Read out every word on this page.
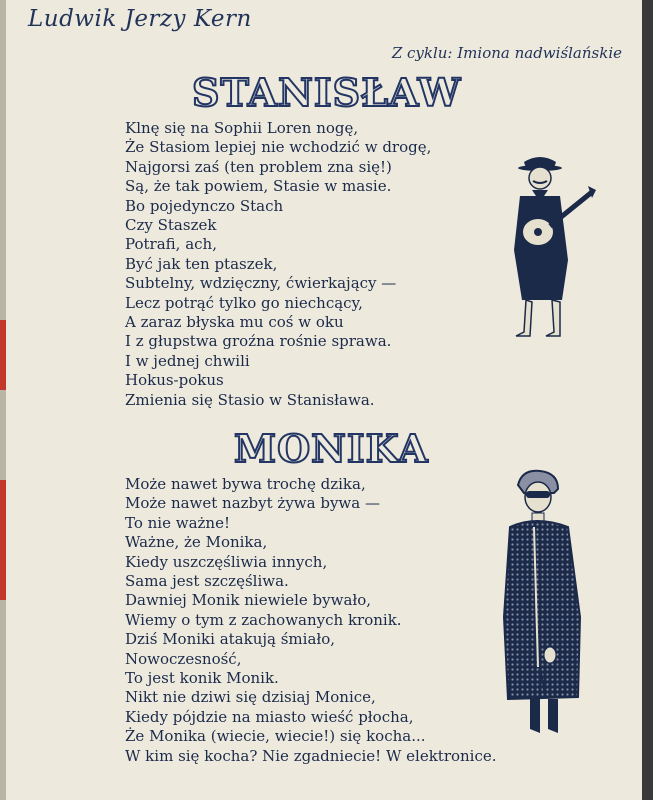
Ludwik Jerzy Kern
Z cyklu: Imiona nadwiślańskie
STANISŁAW
Klnę się na Sophii Loren nogę,
Że Stasiom lepiej nie wchodzić w drogę,
Najgorsi zaś (ten problem zna się!)
Są, że tak powiem, Stasie w masie.
Bo pojedynczo Stach
Czy Staszek
Potrafi, ach,
Być jak ten ptaszek,
Subtelny, wdzięczny, ćwierkający —
Lecz potrąć tylko go niechcący,
A zaraz błyska mu coś w oku
I z głupstwa groźna rośnie sprawa.
I w jednej chwili
Hokus-pokus
Zmienia się Stasio w Stanisława.
MONIKA
Może nawet bywa trochę dzika,
Może nawet nazbyt żywa bywa —
To nie ważne!
Ważne, że Monika,
Kiedy uszczęśliwia innych,
Sama jest szczęśliwa.
Dawniej Monik niewiele bywało,
Wiemy o tym z zachowanych kronik.
Dziś Moniki atakują śmiało,
Nowoczesność,
To jest konik Monik.
Nikt nie dziwi się dzisiaj Monice,
Kiedy pójdzie na miasto wieść płocha,
Że Monika (wiecie, wiecie!) się kocha...
W kim się kocha? Nie zgadniecie! W elektronice.
